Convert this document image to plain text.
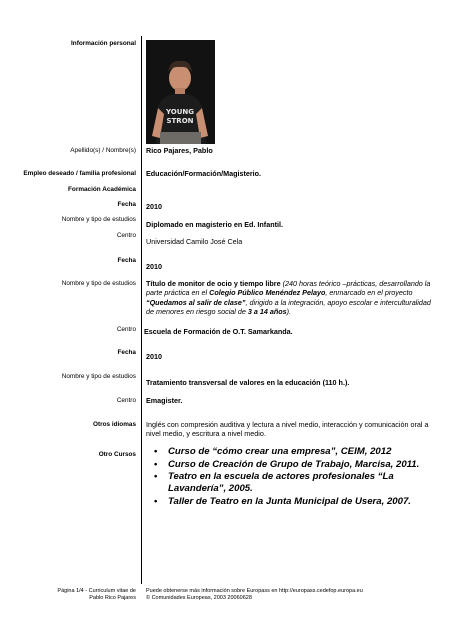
Información personal
YOUNG
STRON
Apellido(s) / Nombre(s) Rico Pajares, Pablo
Empleo deseado / familia profesional Educación/Formación/Magisterio.
Formación Académica
Fecha 2010
Nombre y tipo de estudios
Diplomado en magisterio en Ed. Infantil.
Centro
Universidad Camilo José Cela
Fecha
2010
Nombre y tipo de estudios Título de monitor de ocio y tiempo libre (240 horas teórico –prácticas, desarrollando la parte práctica en el Colegio Público Menéndez Pelayo, enmarcado en el proyecto “Quedamos al salir de clase”, dirigido a la integración, apoyo escolar e interculturalidad de menores en riesgo social de 3 a 14 años).
Centro Escuela de Formación de O.T. Samarkanda.
Fecha 2010
Nombre y tipo de estudios
Tratamiento transversal de valores en la educación (110 h.).
Centro Emagister.
Otros idiomas Inglés con compresión auditiva y lectura a nivel medio, interacción y comunicación oral a nivel medio, y escritura a nivel medio.
Otro Cursos
•	Curso de “cómo crear una empresa”, CEIM, 2012
• Curso de Creación de Grupo de Trabajo, Marcisa, 2011.
• Teatro en la escuela de actores profesionales “La Lavandería”, 2005.
• Taller de Teatro en la Junta Municipal de Usera, 2007.
Página 1/4 - Curriculum vitae de
Pablo Rico Pajares
Puede obtenerse más información sobre Europass en http://europass.cedefop.europa.eu
© Comunidades Europeas, 2003 20060628
